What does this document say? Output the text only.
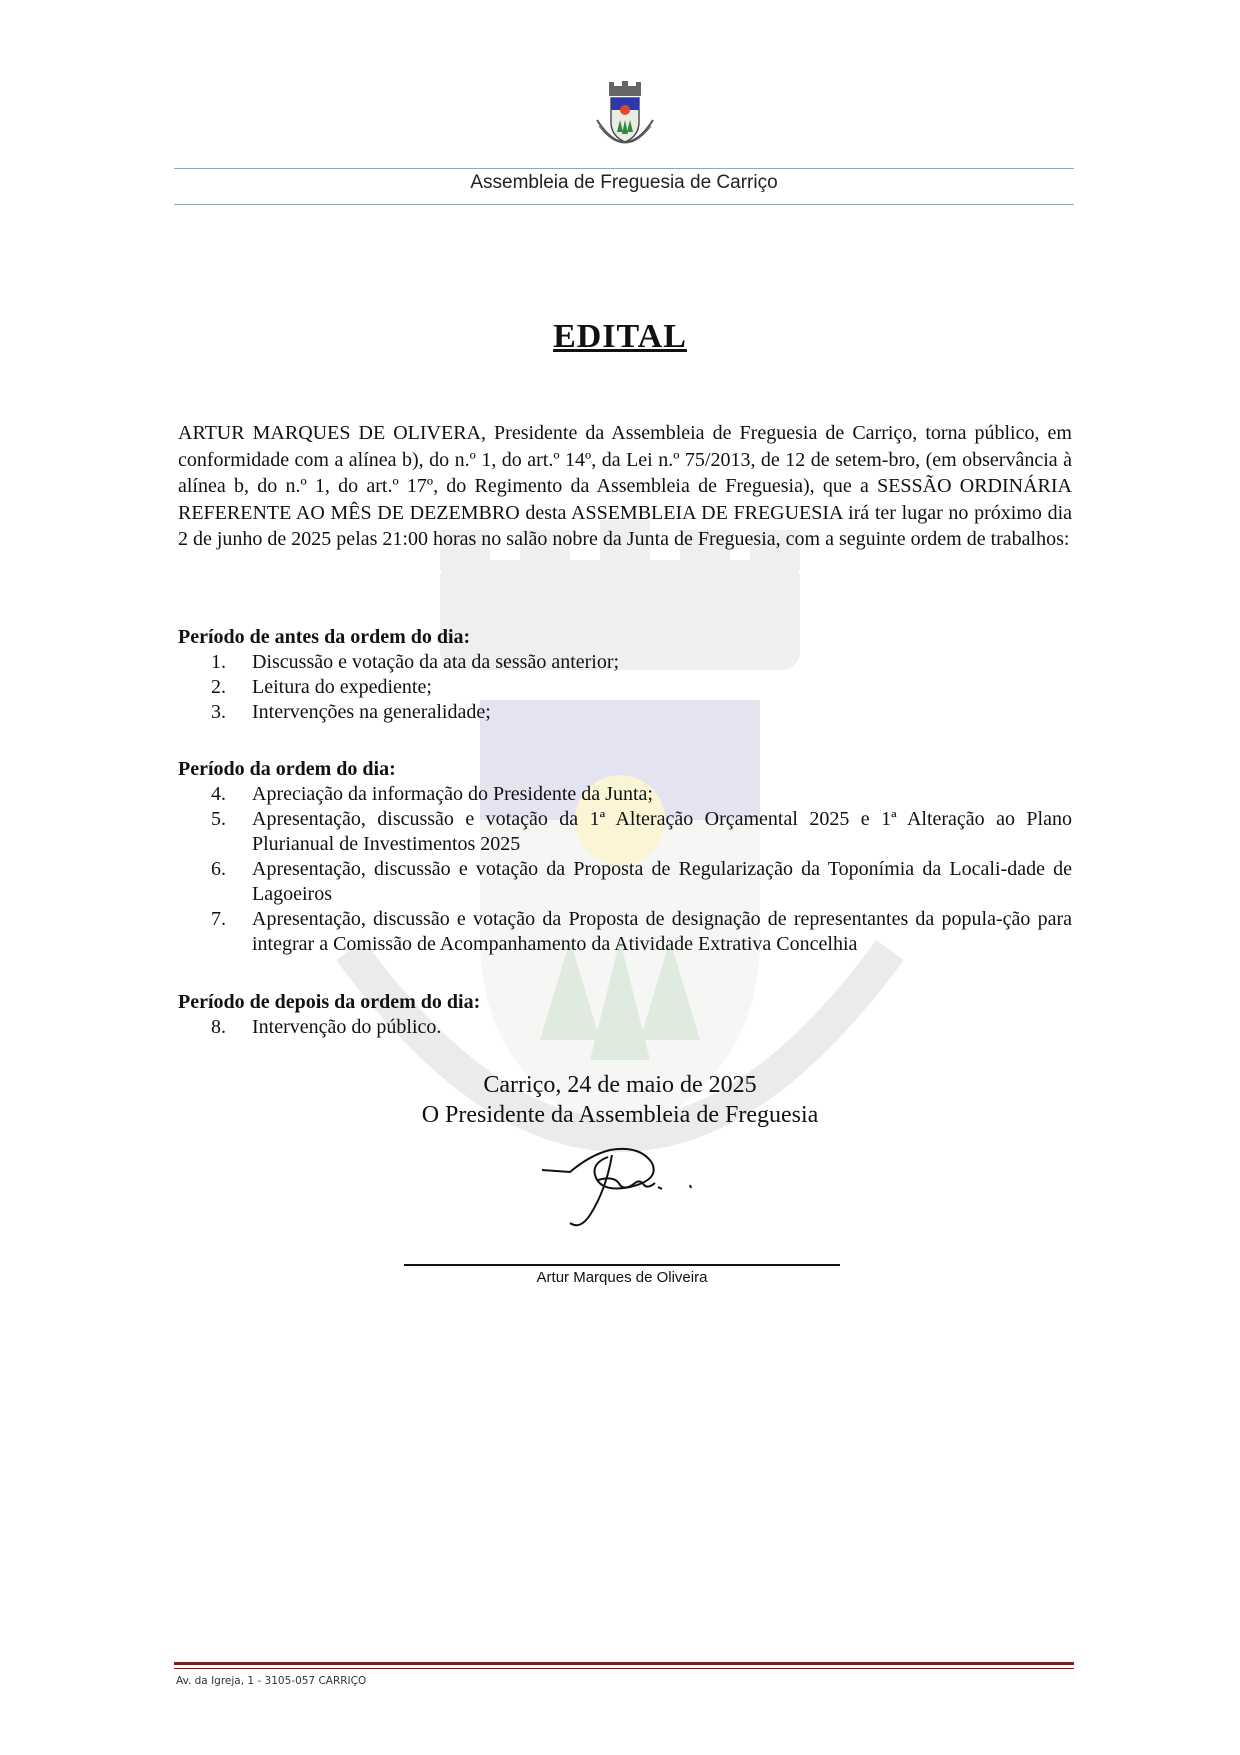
Assembleia de Freguesia de Carriço
EDITAL
ARTUR MARQUES DE OLIVERA, Presidente da Assembleia de Freguesia de Carriço, torna público, em conformidade com a alínea b), do n.º 1, do art.º 14º, da Lei n.º 75/2013, de 12 de setem-bro, (em observância à alínea b, do n.º 1, do art.º 17º, do Regimento da Assembleia de Freguesia), que a SESSÃO ORDINÁRIA REFERENTE AO MÊS DE DEZEMBRO desta ASSEMBLEIA DE FREGUESIA irá ter lugar no próximo dia 2 de junho de 2025 pelas 21:00 horas no salão nobre da Junta de Freguesia, com a seguinte ordem de trabalhos:
Período de antes da ordem do dia:
1.	Discussão e votação da ata da sessão anterior;
2.	Leitura do expediente;
3.	Intervenções na generalidade;
Período da ordem do dia:
4.	Apreciação da informação do Presidente da Junta;
5.	Apresentação, discussão e votação da 1ª Alteração Orçamental 2025 e 1ª Alteração ao Plano Plurianual de Investimentos 2025
6.	Apresentação, discussão e votação da Proposta de Regularização da Toponímia da Locali-dade de Lagoeiros
7.	Apresentação, discussão e votação da Proposta de designação de representantes da popula-ção para integrar a Comissão de Acompanhamento da Atividade Extrativa Concelhia
Período de depois da ordem do dia:
8.	Intervenção do público.
Carriço, 24 de maio de 2025
O Presidente da Assembleia de Freguesia
Artur Marques de Oliveira
Av. da Igreja, 1 - 3105-057 CARRIÇO
